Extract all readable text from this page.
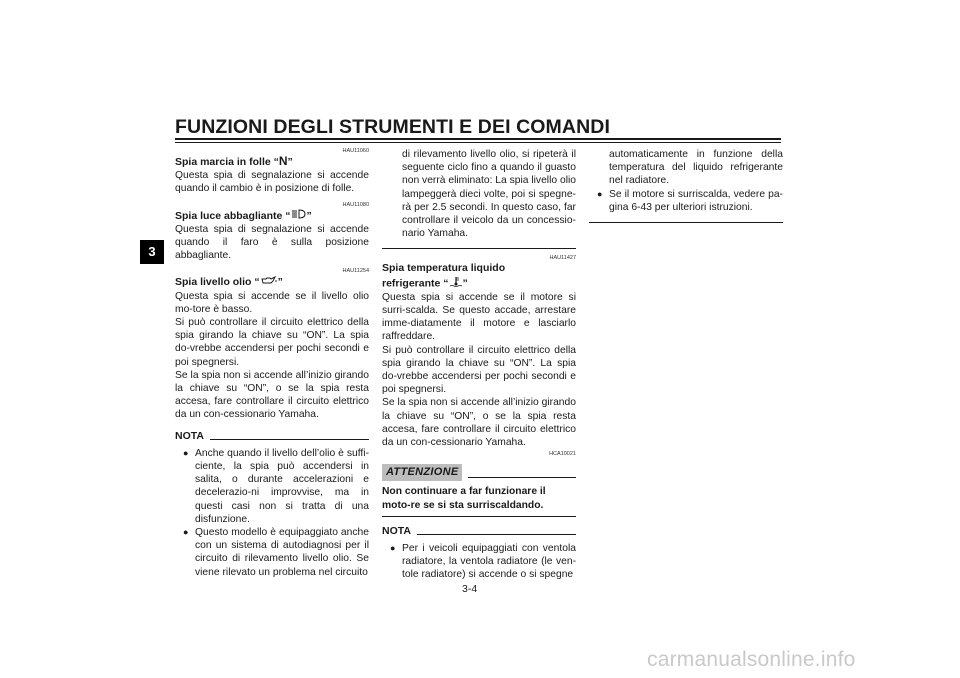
FUNZIONI DEGLI STRUMENTI E DEI COMANDI
3
HAU11060
Spia marcia in folle “N”
Questa spia di segnalazione si accende quando il cambio è in posizione di folle.
HAU11080
Spia luce abbagliante “ ”
Questa spia di segnalazione si accende quando il faro è sulla posizione abbagliante.
HAU11254
Spia livello olio “ ”
Questa spia si accende se il livello olio mo-tore è basso.
Si può controllare il circuito elettrico della spia girando la chiave su “ON”. La spia do-vrebbe accendersi per pochi secondi e poi spegnersi.
Se la spia non si accende all’inizio girando la chiave su “ON”, o se la spia resta accesa, fare controllare il circuito elettrico da un con-cessionario Yamaha.
NOTA
● Anche quando il livello dell’olio è suffi-ciente, la spia può accendersi in salita, o durante accelerazioni e decelerazio-ni improvvise, ma in questi casi non si tratta di una disfunzione.
● Questo modello è equipaggiato anche con un sistema di autodiagnosi per il circuito di rilevamento livello olio. Se viene rilevato un problema nel circuito
di rilevamento livello olio, si ripeterà il seguente ciclo fino a quando il guasto non verrà eliminato: La spia livello olio lampeggerà dieci volte, poi si spegne-rà per 2.5 secondi. In questo caso, far controllare il veicolo da un concessio-nario Yamaha.
HAU11427
Spia temperatura liquido
refrigerante “ ”
Questa spia si accende se il motore si surri-scalda. Se questo accade, arrestare imme-diatamente il motore e lasciarlo raffreddare.
Si può controllare il circuito elettrico della spia girando la chiave su “ON”. La spia do-vrebbe accendersi per pochi secondi e poi spegnersi.
Se la spia non si accende all’inizio girando la chiave su “ON”, o se la spia resta accesa, fare controllare il circuito elettrico da un con-cessionario Yamaha.
HCA10021
ATTENZIONE
Non continuare a far funzionare il moto-re se si sta surriscaldando.
NOTA
● Per i veicoli equipaggiati con ventola radiatore, la ventola radiatore (le ven-tole radiatore) si accende o si spegne
automaticamente in funzione della temperatura del liquido refrigerante nel radiatore.
● Se il motore si surriscalda, vedere pa-gina 6-43 per ulteriori istruzioni.
3-4
carmanualsonline.info
